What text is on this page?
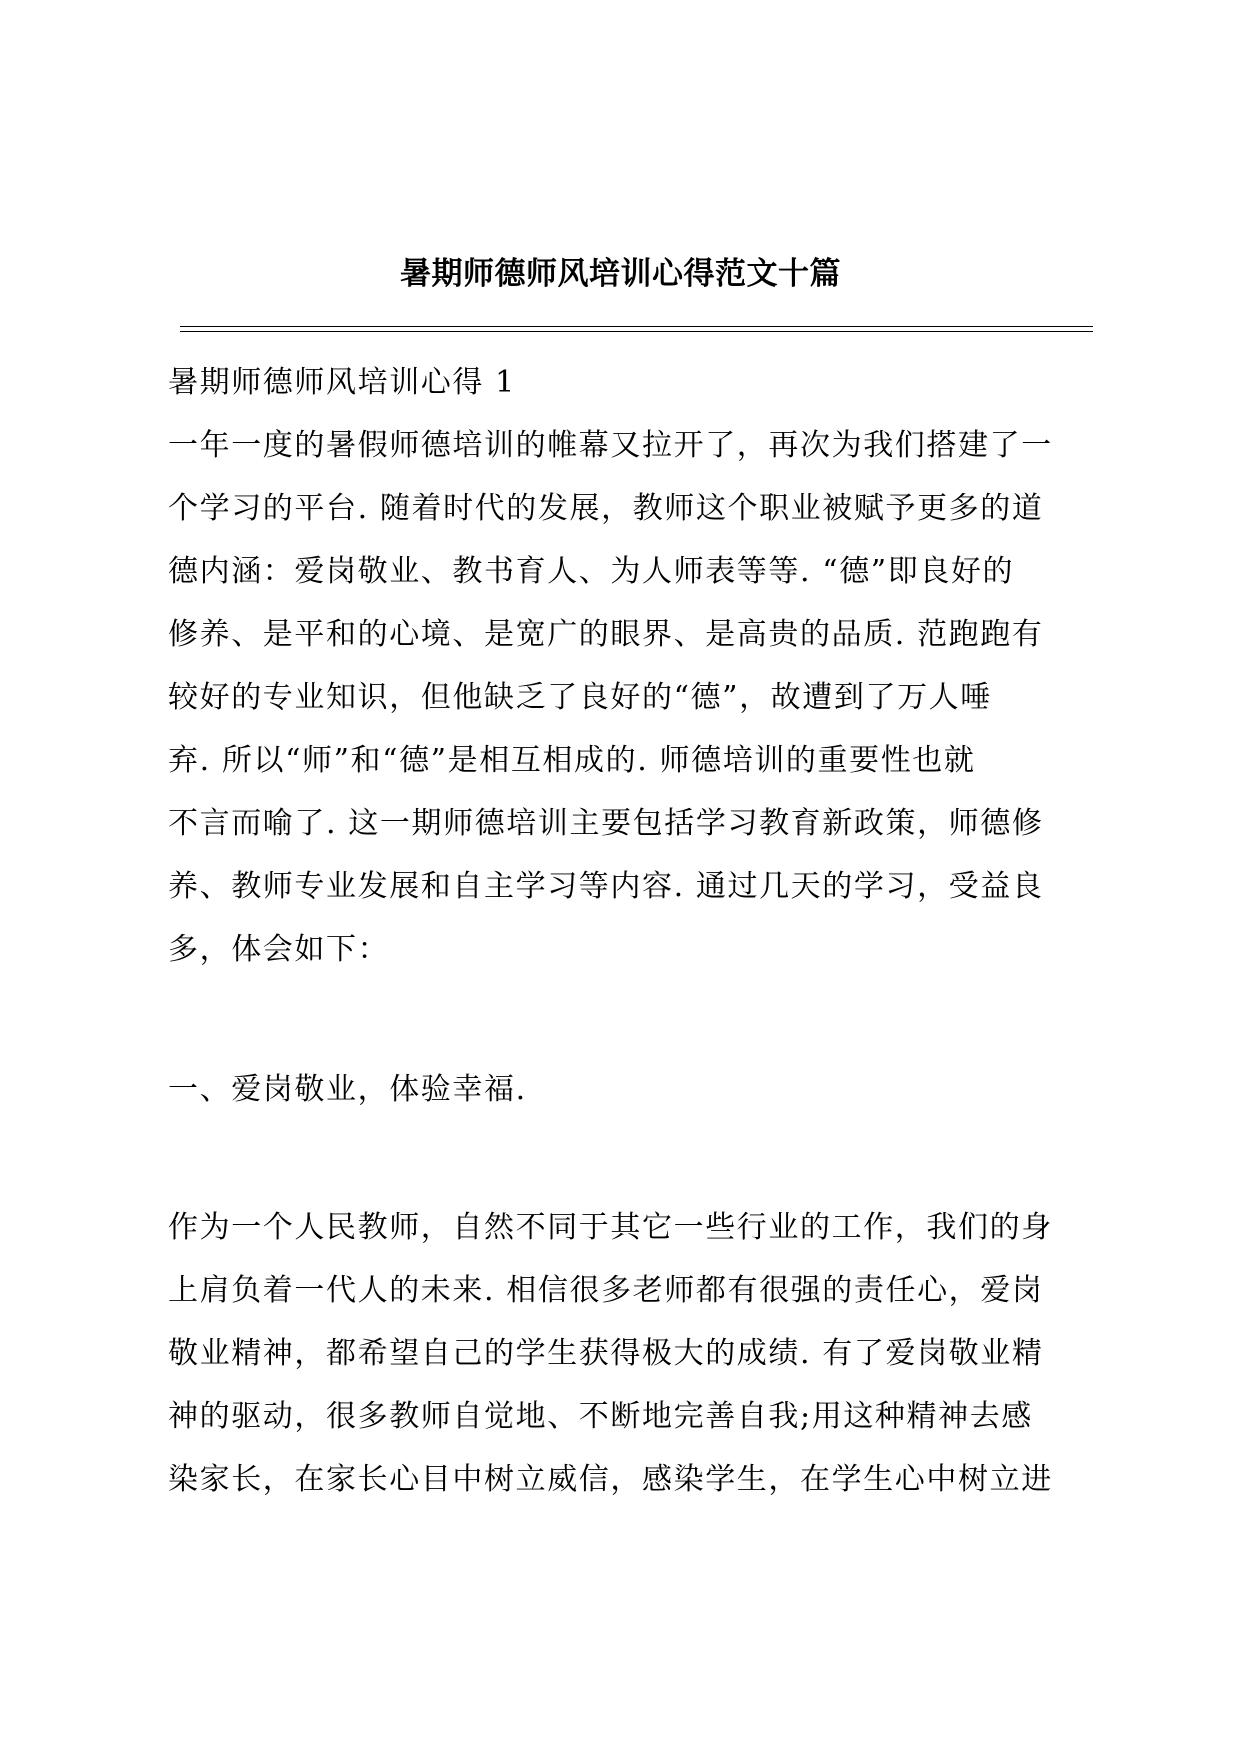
暑期师德师风培训心得范文十篇
暑期师德师风培训心得 1
一年一度的暑假师德培训的帷幕又拉开了，再次为我们搭建了一
个学习的平台. 随着时代的发展，教师这个职业被赋予更多的道
德内涵：爱岗敬业、教书育人、为人师表等等. “德”即良好的
修养、是平和的心境、是宽广的眼界、是高贵的品质. 范跑跑有
较好的专业知识，但他缺乏了良好的“德”，故遭到了万人唾
弃. 所以“师”和“德”是相互相成的. 师德培训的重要性也就
不言而喻了. 这一期师德培训主要包括学习教育新政策，师德修
养、教师专业发展和自主学习等内容. 通过几天的学习，受益良
多，体会如下：
一、爱岗敬业，体验幸福.
作为一个人民教师，自然不同于其它一些行业的工作，我们的身
上肩负着一代人的未来. 相信很多老师都有很强的责任心，爱岗
敬业精神，都希望自己的学生获得极大的成绩. 有了爱岗敬业精
神的驱动，很多教师自觉地、不断地完善自我;用这种精神去感
染家长，在家长心目中树立威信，感染学生，在学生心中树立进
